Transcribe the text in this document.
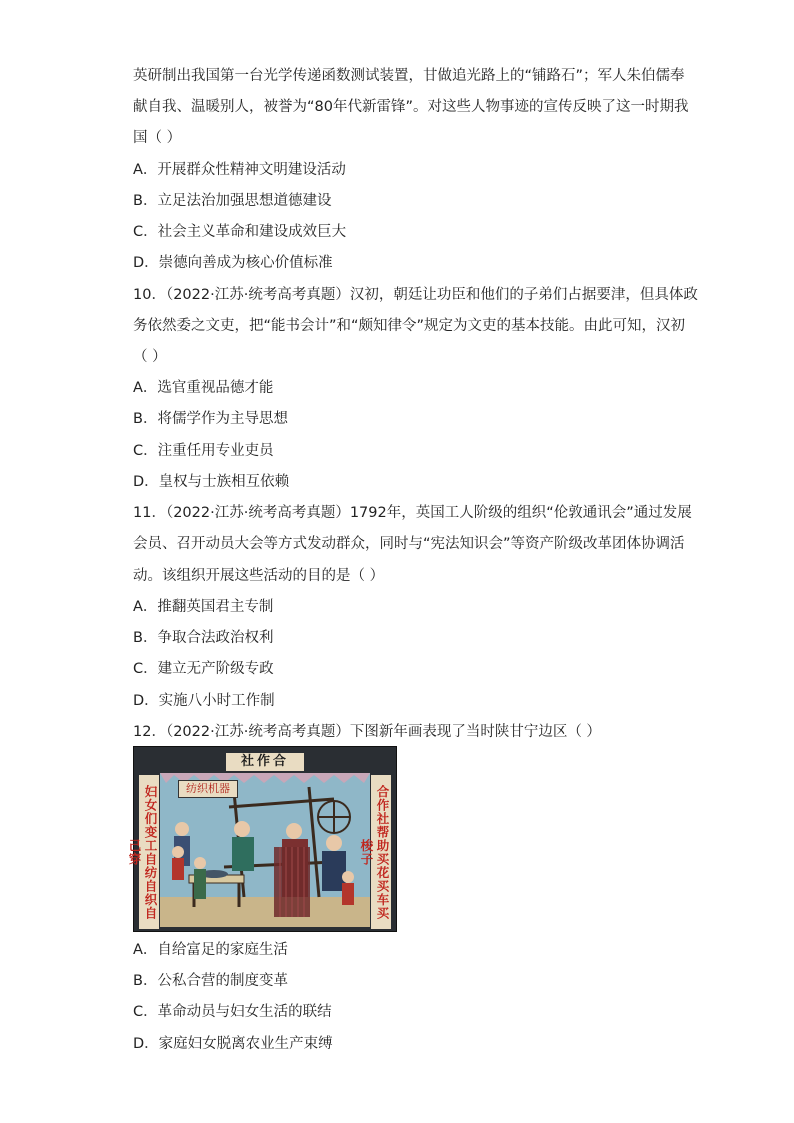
英研制出我国第一台光学传递函数测试装置，甘做追光路上的“铺路石”；军人朱伯儒奉
献自我、温暖别人，被誉为“80年代新雷锋”。对这些人物事迹的宣传反映了这一时期我
国（ ）
A．开展群众性精神文明建设活动
B．立足法治加强思想道德建设
C．社会主义革命和建设成效巨大
D．崇德向善成为核心价值标准
10．（2022·江苏·统考高考真题）汉初，朝廷让功臣和他们的子弟们占据要津，但具体政
务依然委之文吏，把“能书会计”和“颇知律令”规定为文吏的基本技能。由此可知，汉初
（ ）
A．选官重视品德才能
B．将儒学作为主导思想
C．注重任用专业吏员
D．皇权与士族相互依赖
11．（2022·江苏·统考高考真题）1792年，英国工人阶级的组织“伦敦通讯会”通过发展
会员、召开动员大会等方式发动群众，同时与“宪法知识会”等资产阶级改革团体协调活
动。该组织开展这些活动的目的是（ ）
A．推翻英国君主专制
B．争取合法政治权利
C．建立无产阶级专政
D．实施八小时工作制
12．（2022·江苏·统考高考真题）下图新年画表现了当时陕甘宁边区（ ）
社作合
纺织机器
妇女们变工自纺自织自己穿	合作社帮助买花买车买梭子
A．自给富足的家庭生活
B．公私合营的制度变革
C．革命动员与妇女生活的联结
D．家庭妇女脱离农业生产束缚
